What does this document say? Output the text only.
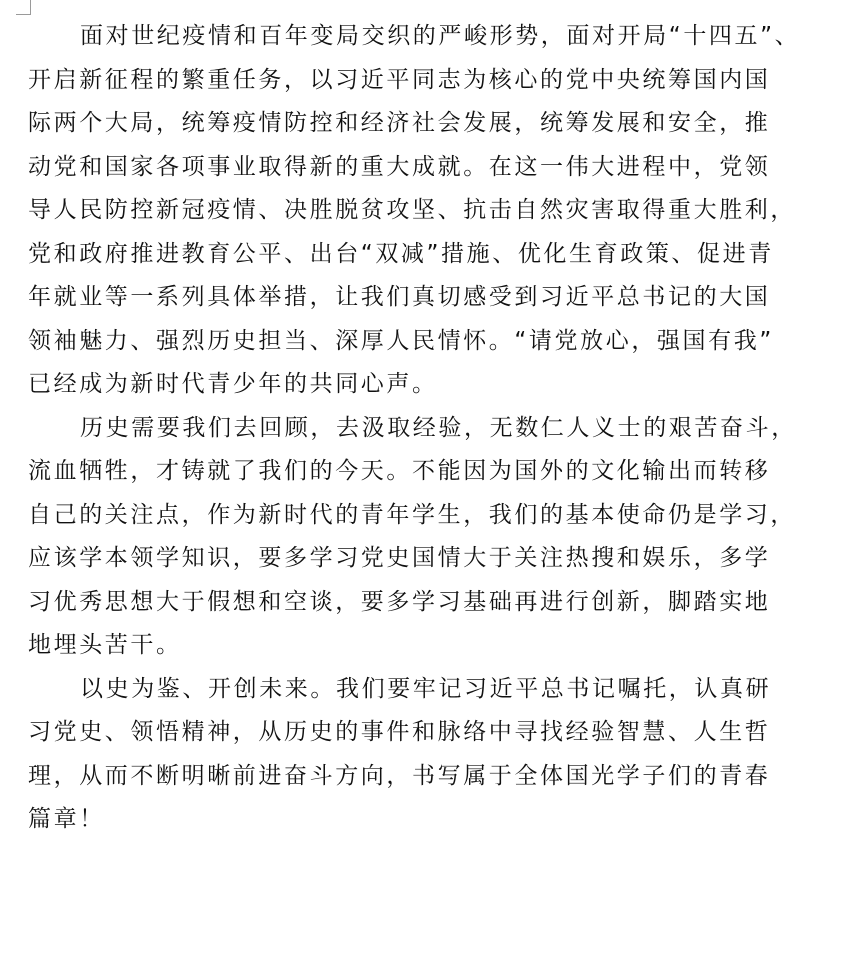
面对世纪疫情和百年变局交织的严峻形势，面对开局“十四五”、
开启新征程的繁重任务，以习近平同志为核心的党中央统筹国内国
际两个大局，统筹疫情防控和经济社会发展，统筹发展和安全，推
动党和国家各项事业取得新的重大成就。在这一伟大进程中，党领
导人民防控新冠疫情、决胜脱贫攻坚、抗击自然灾害取得重大胜利，
党和政府推进教育公平、出台“双减”措施、优化生育政策、促进青
年就业等一系列具体举措，让我们真切感受到习近平总书记的大国
领袖魅力、强烈历史担当、深厚人民情怀。“请党放心，强国有我”
已经成为新时代青少年的共同心声。

历史需要我们去回顾，去汲取经验，无数仁人义士的艰苦奋斗，
流血牺牲，才铸就了我们的今天。不能因为国外的文化输出而转移
自己的关注点，作为新时代的青年学生，我们的基本使命仍是学习，
应该学本领学知识，要多学习党史国情大于关注热搜和娱乐，多学
习优秀思想大于假想和空谈，要多学习基础再进行创新，脚踏实地
地埋头苦干。

以史为鉴、开创未来。我们要牢记习近平总书记嘱托，认真研
习党史、领悟精神，从历史的事件和脉络中寻找经验智慧、人生哲
理，从而不断明晰前进奋斗方向，书写属于全体国光学子们的青春
篇章！
